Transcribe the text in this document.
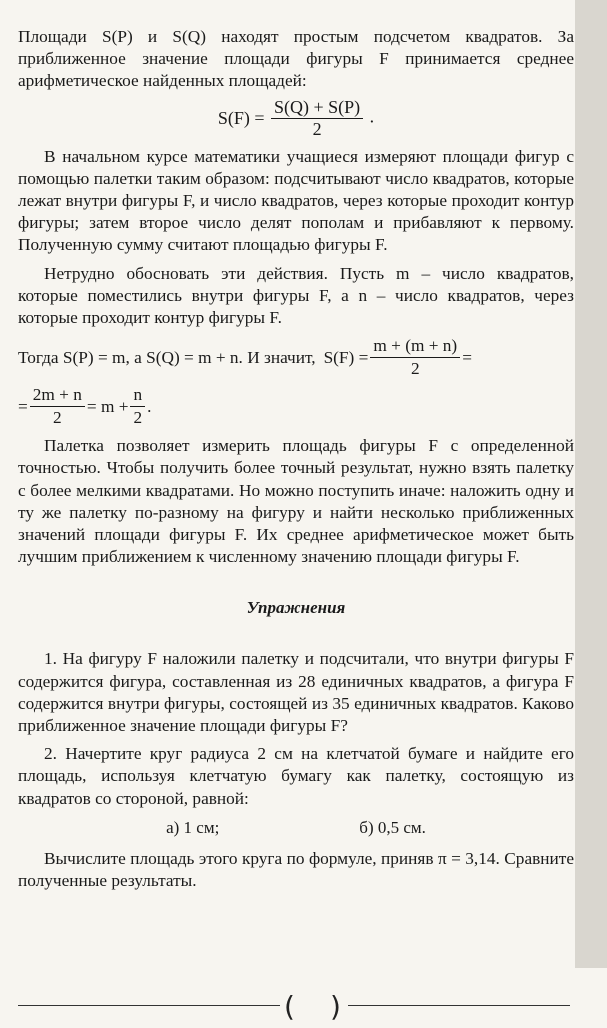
Площади S(P) и S(Q) находят простым подсчетом квадратов. За приближенное значение площади фигуры F принимается среднее арифметическое найденных площадей:

$S(F) = \frac{S(Q) + S(P)}{2}$ .

В начальном курсе математики учащиеся измеряют площади фигур с помощью палетки таким образом: подсчитывают число квадратов, которые лежат внутри фигуры F, и число квадратов, через которые проходит контур фигуры; затем второе число делят пополам и прибавляют к первому. Полученную сумму считают площадью фигуры F.

Нетрудно обосновать эти действия. Пусть m – число квадратов, которые поместились внутри фигуры F, а n – число квадратов, через которые проходит контур фигуры F.

Тогда S(P) = m, а S(Q) = m + n. И значит, $S(F) = \frac{m + (m + n)}{2}$ =
= $\frac{2m + n}{2} = m + \frac{n}{2}$ .

Палетка позволяет измерить площадь фигуры F с определенной точностью. Чтобы получить более точный результат, нужно взять палетку с более мелкими квадратами. Но можно поступить иначе: наложить одну и ту же палетку по-разному на фигуру и найти несколько приближенных значений площади фигуры F. Их среднее арифметическое может быть лучшим приближением к численному значению площади фигуры F.

Упражнения

1. На фигуру F наложили палетку и подсчитали, что внутри фигуры F содержится фигура, составленная из 28 единичных квадратов, а фигура F содержится внутри фигуры, состоящей из 35 единичных квадратов. Каково приближенное значение площади фигуры F?

2. Начертите круг радиуса 2 см на клетчатой бумаге и найдите его площадь, используя клетчатую бумагу как палетку, состоящую из квадратов со стороной, равной:

а) 1 см;	б) 0,5 см.

Вычислите площадь этого круга по формуле, приняв π = 3,14. Сравните полученные результаты.

( )
